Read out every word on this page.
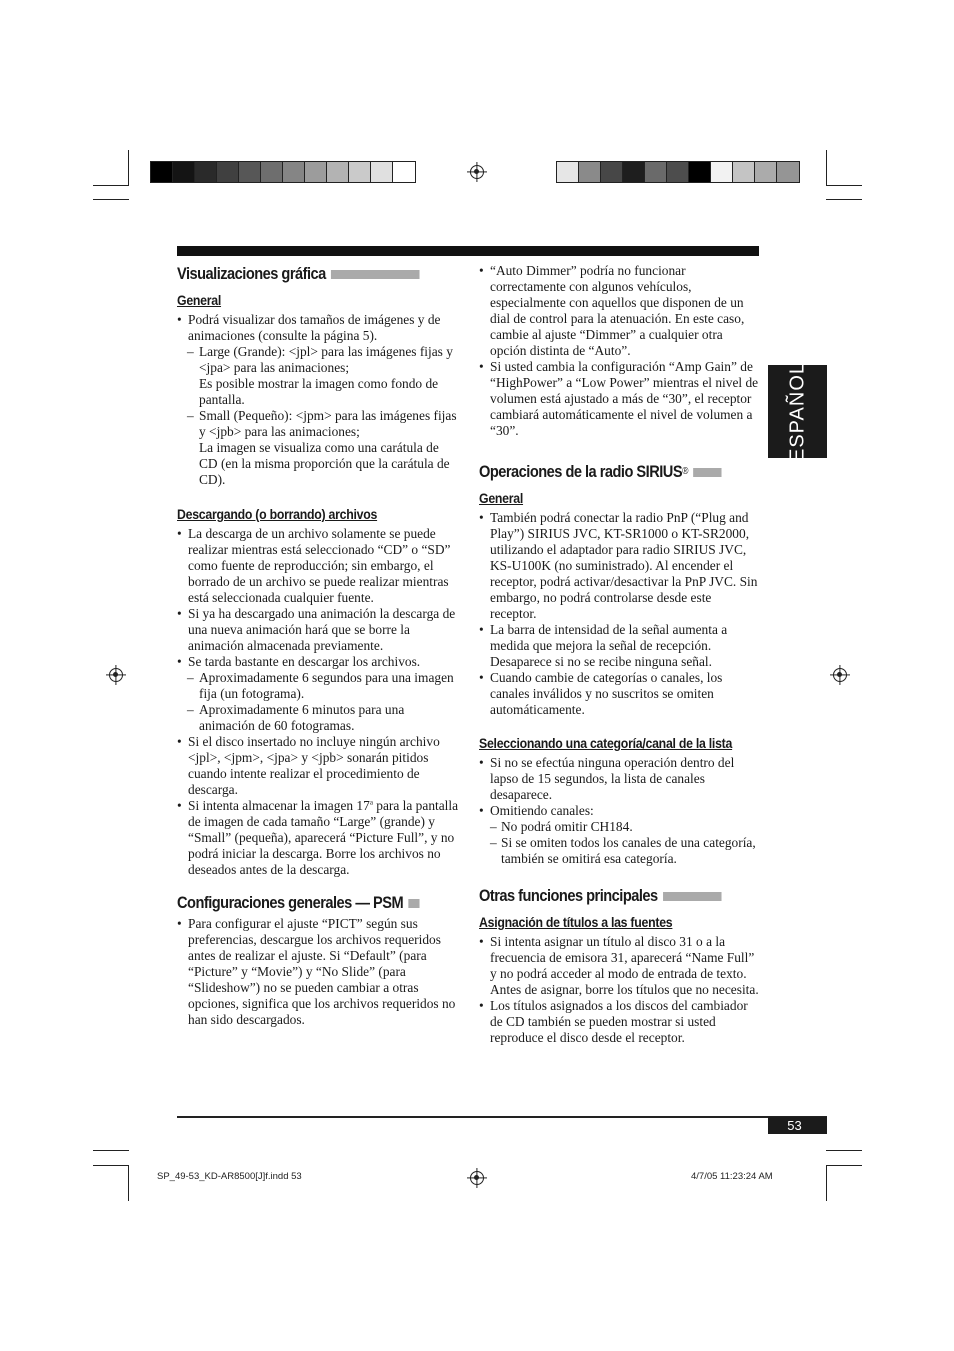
ESPAÑOL
Visualizaciones gráfica
General
• Podrá visualizar dos tamaños de imágenes y de animaciones (consulte la página 5).
– Large (Grande): <jpl> para las imágenes fijas y <jpa> para las animaciones;
Es posible mostrar la imagen como fondo de pantalla.
– Small (Pequeño): <jpm> para las imágenes fijas y <jpb> para las animaciones;
La imagen se visualiza como una carátula de CD (en la misma proporción que la carátula de CD).
Descargando (o borrando) archivos
• La descarga de un archivo solamente se puede realizar mientras está seleccionado “CD” o “SD” como fuente de reproducción; sin embargo, el borrado de un archivo se puede realizar mientras está seleccionada cualquier fuente.
• Si ya ha descargado una animación la descarga de una nueva animación hará que se borre la animación almacenada previamente.
• Se tarda bastante en descargar los archivos.
– Aproximadamente 6 segundos para una imagen fija (un fotograma).
– Aproximadamente 6 minutos para una animación de 60 fotogramas.
• Si el disco insertado no incluye ningún archivo <jpl>, <jpm>, <jpa> y <jpb> sonarán pitidos cuando intente realizar el procedimiento de descarga.
• Si intenta almacenar la imagen 17$^a$ para la pantalla de imagen de cada tamaño “Large” (grande) y “Small” (pequeña), aparecerá “Picture Full”, y no podrá iniciar la descarga. Borre los archivos no deseados antes de la descarga.
Configuraciones generales — PSM
• Para configurar el ajuste “PICT” según sus preferencias, descargue los archivos requeridos antes de realizar el ajuste. Si “Default” (para “Picture” y “Movie”) y “No Slide” (para “Slideshow”) no se pueden cambiar a otras opciones, significa que los archivos requeridos no han sido descargados.
• “Auto Dimmer” podría no funcionar correctamente con algunos vehículos, especialmente con aquellos que disponen de un dial de control para la atenuación. En este caso, cambie al ajuste “Dimmer” a cualquier otra opción distinta de “Auto”.
• Si usted cambia la configuración “Amp Gain” de “HighPower” a “Low Power” mientras el nivel de volumen está ajustado a más de “30”, el receptor cambiará automáticamente el nivel de volumen a “30”.
Operaciones de la radio SIRIUS ®
General
• También podrá conectar la radio PnP (“Plug and Play”) SIRIUS JVC, KT-SR1000 o KT-SR2000, utilizando el adaptador para radio SIRIUS JVC, KS-U100K (no suministrado). Al encender el receptor, podrá activar/desactivar la PnP JVC. Sin embargo, no podrá controlarse desde este receptor.
• La barra de intensidad de la señal aumenta a medida que mejora la señal de recepción. Desaparece si no se recibe ninguna señal.
• Cuando cambie de categorías o canales, los canales inválidos y no suscritos se omiten automáticamente.
Seleccionando una categoría/canal de la lista
• Si no se efectúa ninguna operación dentro del lapso de 15 segundos, la lista de canales desaparece.
• Omitiendo canales:
– No podrá omitir CH184.
– Si se omiten todos los canales de una categoría, también se omitirá esa categoría.
Otras funciones principales
Asignación de títulos a las fuentes
• Si intenta asignar un título al disco 31 o a la frecuencia de emisora 31, aparecerá “Name Full” y no podrá acceder al modo de entrada de texto. Antes de asignar, borre los títulos que no necesita.
• Los títulos asignados a los discos del cambiador de CD también se pueden mostrar si usted reproduce el disco desde el receptor.
53
SP_49-53_KD-AR8500[J]f.indd 53	4/7/05 11:23:24 AM
